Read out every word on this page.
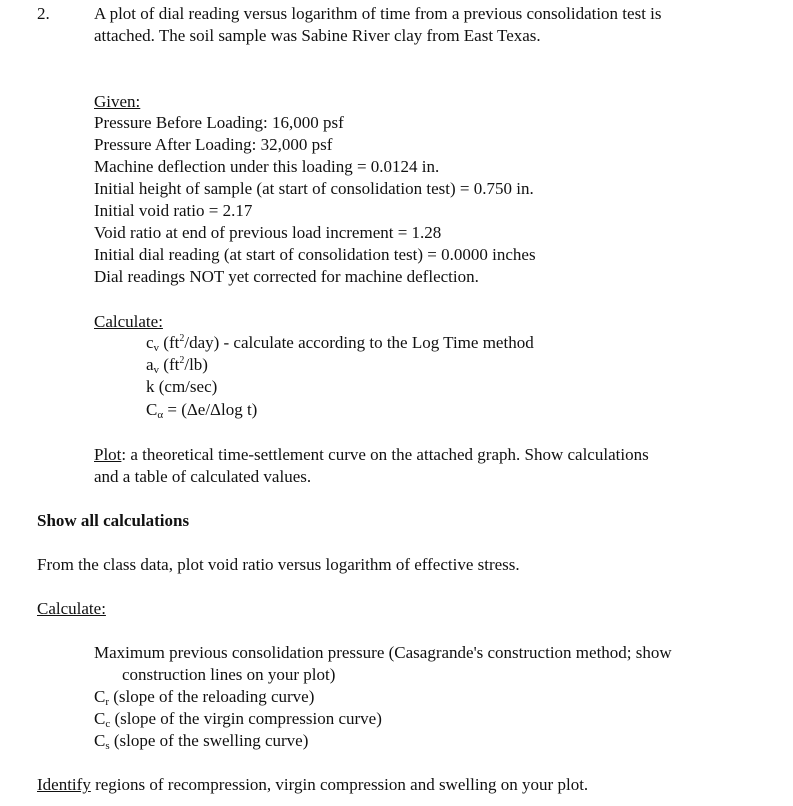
2.	A plot of dial reading versus logarithm of time from a previous consolidation test is
attached. The soil sample was Sabine River clay from East Texas.
Given:
Pressure Before Loading: 16,000 psf
Pressure After Loading: 32,000 psf
Machine deflection under this loading = 0.0124 in.
Initial height of sample (at start of consolidation test) = 0.750 in.
Initial void ratio = 2.17
Void ratio at end of previous load increment = 1.28
Initial dial reading (at start of consolidation test) = 0.0000 inches
Dial readings NOT yet corrected for machine deflection.
Calculate:
$c_v$ $(ft^2/day)$ - calculate according to the Log Time method
$a_v$ $(ft^2/lb)$
k (cm/sec)
$C_\alpha = (\Delta e/\Delta\log$ t)
Plot: a theoretical time-settlement curve on the attached graph. Show calculations
and a table of calculated values.
Show all calculations
From the class data, plot void ratio versus logarithm of effective stress.
Calculate:
Maximum previous consolidation pressure (Casagrande's construction method; show
construction lines on your plot)
$C_r$ (slope of the reloading curve)
$C_c$ (slope of the virgin compression curve)
$C_s$ (slope of the swelling curve)
Identify regions of recompression, virgin compression and swelling on your plot.
